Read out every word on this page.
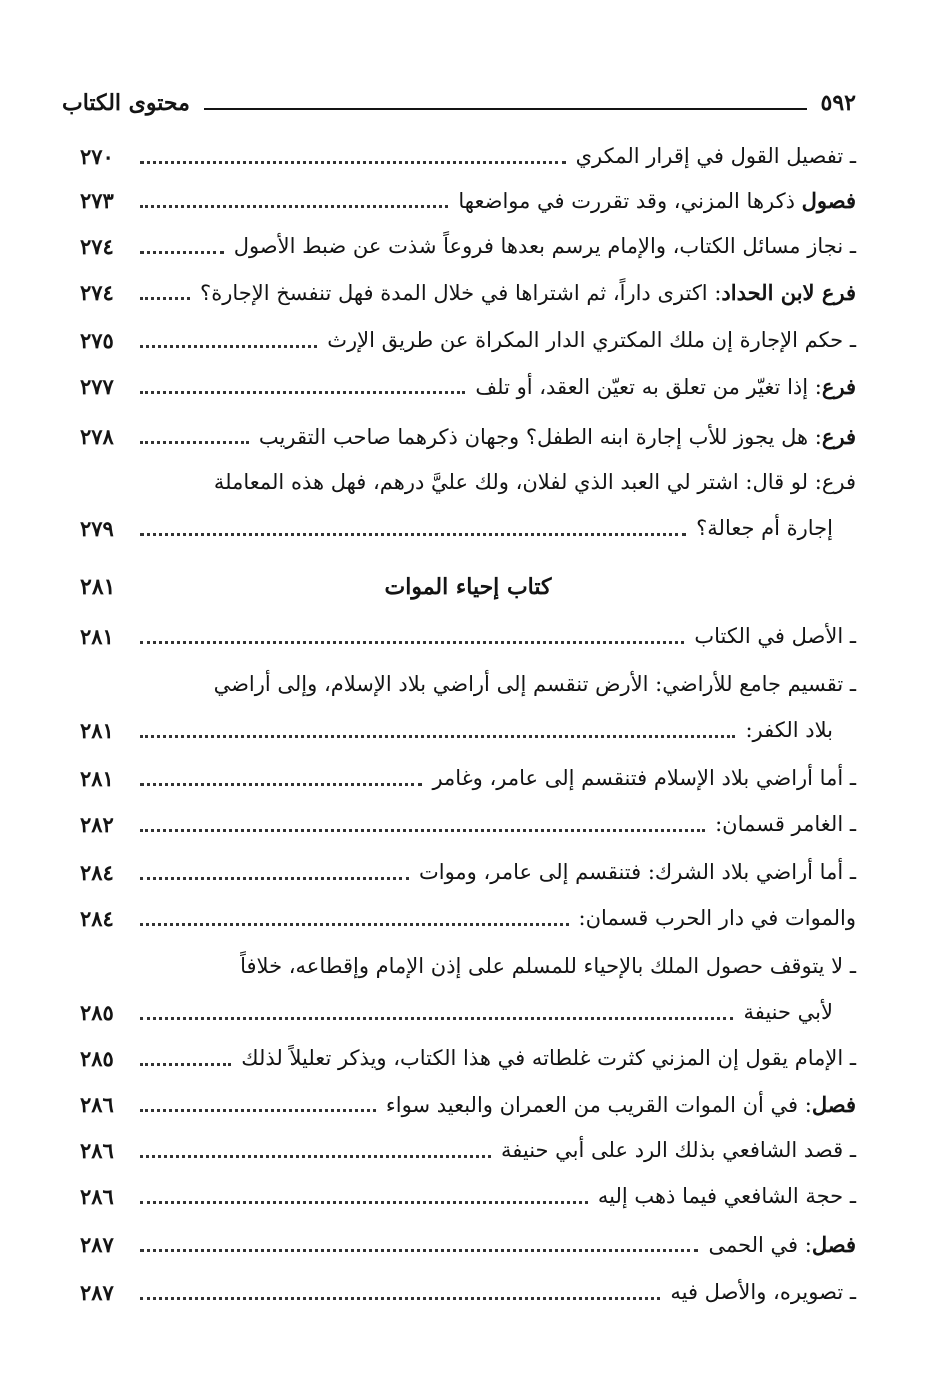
٥٩٢
محتوى الكتاب
ـ تفصيل القول في إقرار المكري
٢٧٠
فصول ذكرها المزني، وقد تقررت في مواضعها
٢٧٣
ـ نجاز مسائل الكتاب، والإمام يرسم بعدها فروعاً شذت عن ضبط الأصول
٢٧٤
فرع لابن الحداد: اكترى داراً، ثم اشتراها في خلال المدة فهل تنفسخ الإجارة؟
٢٧٤
ـ حكم الإجارة إن ملك المكتري الدار المكراة عن طريق الإرث
٢٧٥
فرع: إذا تغيّر من تعلق به تعيّن العقد، أو تلف
٢٧٧
فرع: هل يجوز للأب إجارة ابنه الطفل؟ وجهان ذكرهما صاحب التقريب
٢٧٨
فرع
: لو قال: اشتر لي العبد الذي لفلان، ولك عليَّ درهم، فهل هذه المعاملة
إجارة أم جعالة؟
٢٧٩
كتاب إحياء الموات
٢٨١
ـ الأصل في الكتاب
٢٨١
ـ تقسيم جامع للأراضي: الأرض تنقسم إلى أراضي بلاد الإسلام، وإلى أراضي
بلاد الكفر:
٢٨١
ـ أما أراضي بلاد الإسلام فتنقسم إلى عامر، وغامر
٢٨١
ـ الغامر قسمان:
٢٨٢
ـ أما أراضي بلاد الشرك: فتنقسم إلى عامر، وموات
٢٨٤
والموات في دار الحرب قسمان:
٢٨٤
ـ لا يتوقف حصول الملك بالإحياء للمسلم على إذن الإمام وإقطاعه، خلافاً
لأبي حنيفة
٢٨٥
ـ الإمام يقول إن المزني كثرت غلطاته في هذا الكتاب، ويذكر تعليلاً لذلك
٢٨٥
فصل: في أن الموات القريب من العمران والبعيد سواء
٢٨٦
ـ قصد الشافعي بذلك الرد على أبي حنيفة
٢٨٦
ـ حجة الشافعي فيما ذهب إليه
٢٨٦
فصل: في الحمى
٢٨٧
ـ تصويره، والأصل فيه
٢٨٧
